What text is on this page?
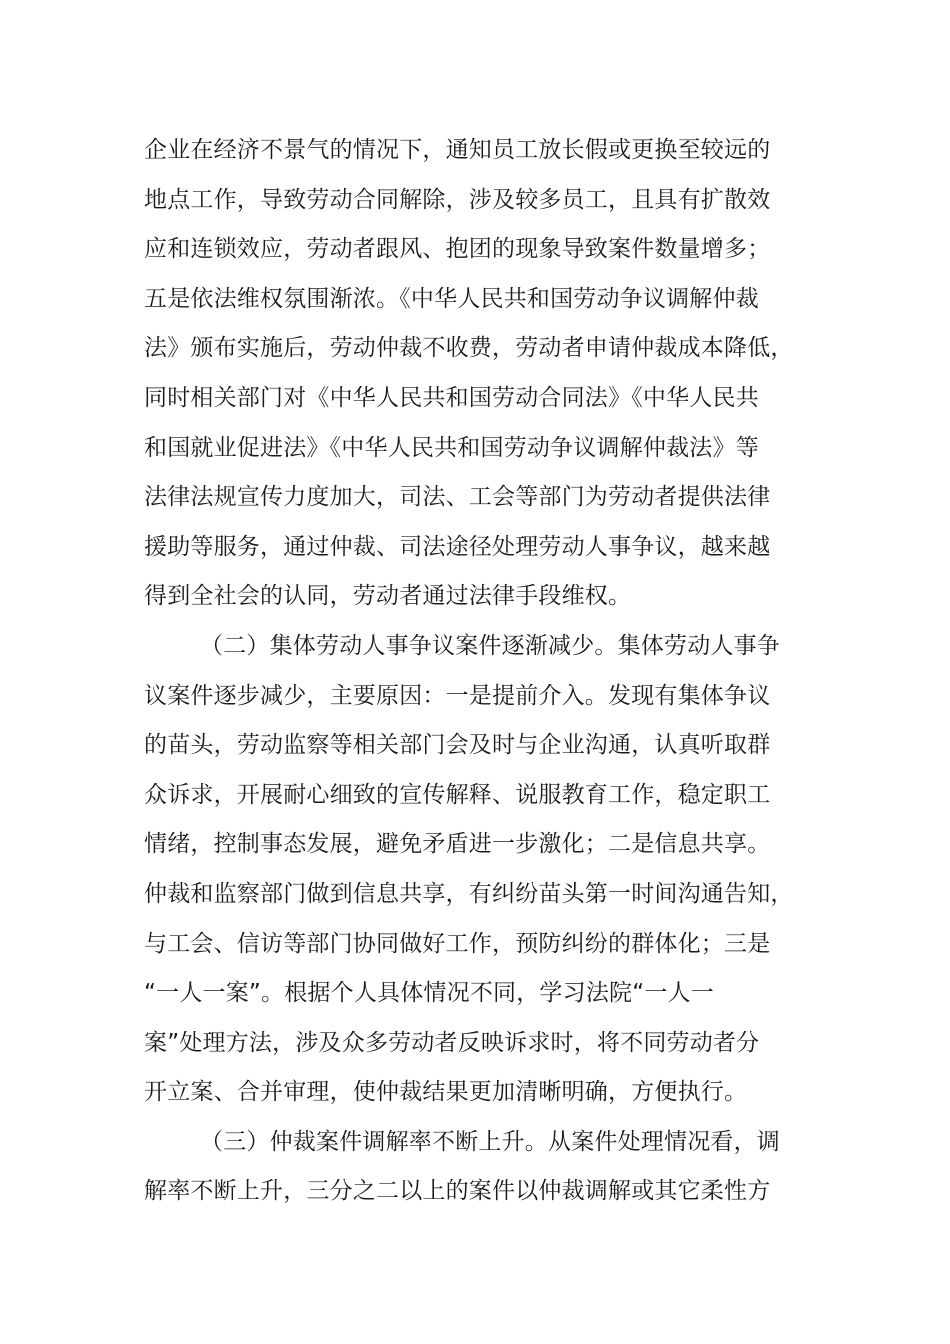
企业在经济不景气的情况下，通知员工放长假或更换至较远的
地点工作，导致劳动合同解除，涉及较多员工，且具有扩散效
应和连锁效应，劳动者跟风、抱团的现象导致案件数量增多；
五是依法维权氛围渐浓。《中华人民共和国劳动争议调解仲裁
法》颁布实施后，劳动仲裁不收费，劳动者申请仲裁成本降低，
同时相关部门对《中华人民共和国劳动合同法》《中华人民共
和国就业促进法》《中华人民共和国劳动争议调解仲裁法》等
法律法规宣传力度加大，司法、工会等部门为劳动者提供法律
援助等服务，通过仲裁、司法途径处理劳动人事争议，越来越
得到全社会的认同，劳动者通过法律手段维权。
（二）集体劳动人事争议案件逐渐减少。集体劳动人事争
议案件逐步减少，主要原因：一是提前介入。发现有集体争议
的苗头，劳动监察等相关部门会及时与企业沟通，认真听取群
众诉求，开展耐心细致的宣传解释、说服教育工作，稳定职工
情绪，控制事态发展，避免矛盾进一步激化；二是信息共享。
仲裁和监察部门做到信息共享，有纠纷苗头第一时间沟通告知，
与工会、信访等部门协同做好工作，预防纠纷的群体化；三是
“一人一案”。根据个人具体情况不同，学习法院“一人一
案”处理方法，涉及众多劳动者反映诉求时，将不同劳动者分
开立案、合并审理，使仲裁结果更加清晰明确，方便执行。
（三）仲裁案件调解率不断上升。从案件处理情况看，调
解率不断上升，三分之二以上的案件以仲裁调解或其它柔性方
